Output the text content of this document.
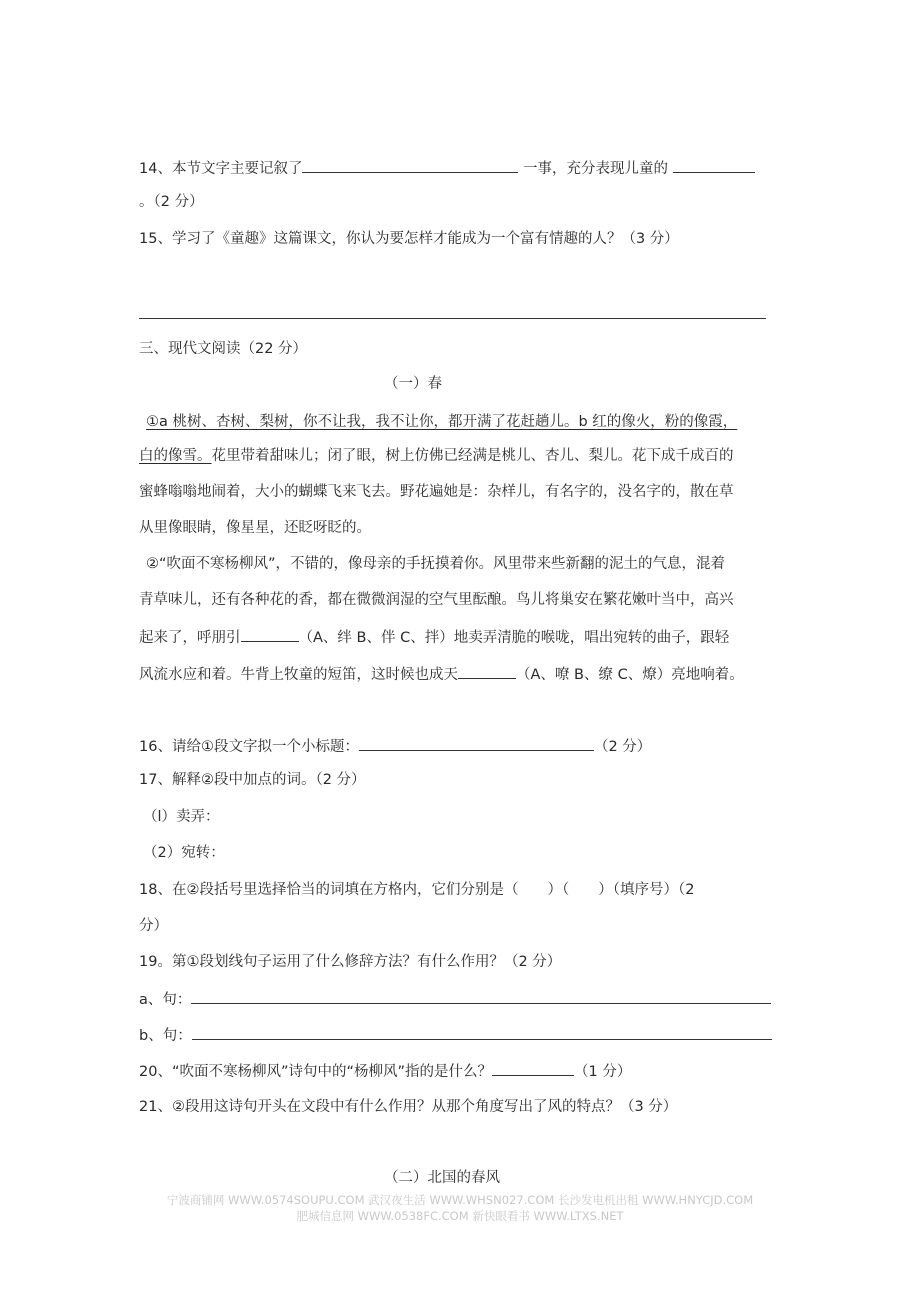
14、本节文字主要记叙了	一事，充分表现儿童的
。（2 分）
15、学习了《童趣》这篇课文，你认为要怎样才能成为一个富有情趣的人？（3 分）
三、现代文阅读（22 分）
（一）春
①a 桃树、杏树、梨树，你不让我，我不让你，都开满了花赶趟儿。b 红的像火，粉的像霞，
白的像雪。花里带着甜味儿；闭了眼，树上仿佛已经满是桃儿、杏儿、梨儿。花下成千成百的
蜜蜂嗡嗡地闹着，大小的蝴蝶飞来飞去。野花遍她是：杂样儿，有名字的，没名字的，散在草
从里像眼睛，像星星，还眨呀眨的。
②“吹面不寒杨柳风”，不错的，像母亲的手抚摸着你。风里带来些新翻的泥土的气息，混着
青草味儿，还有各种花的香，都在微微润湿的空气里酝酿。鸟儿将巢安在繁花嫩叶当中，高兴
起来了，呼朋引	（A、绊 B、伴 C、拌）地卖弄清脆的喉咙，唱出宛转的曲子，跟轻
风流水应和着。牛背上牧童的短笛，这时候也成天	（A、嘹 B、缭 C、燎）亮地响着。
16、请给①段文字拟一个小标题：	（2 分）
17、解释②段中加点的词。（2 分）
（l）卖弄：
（2）宛转：
18、在②段括号里选择恰当的词填在方格内，它们分别是（　　）（　　）（填序号）（2
分）
19。第①段划线句子运用了什么修辞方法？有什么作用？（2 分）
a、句：
b、句：
20、“吹面不寒杨柳风”诗句中的“杨柳风”指的是什么？	（1 分）
21、②段用这诗句开头在文段中有什么作用？从那个角度写出了风的特点？（3 分）
（二）北国的春风
宁波商铺网 WWW.0574SOUPU.COM 武汉夜生活 WWW.WHSN027.COM 长沙发电机出租 WWW.HNYCJD.COM
肥城信息网 WWW.0538FC.COM 新快眼看书 WWW.LTXS.NET
